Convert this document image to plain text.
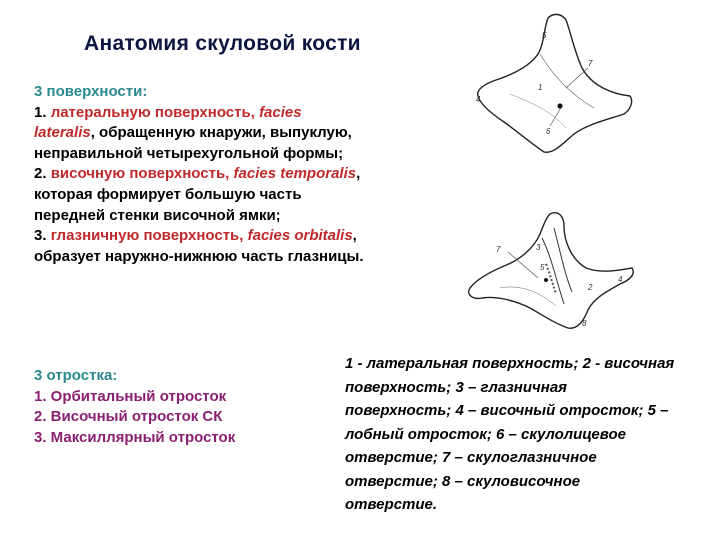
Анатомия скуловой кости
3 поверхности:
1. латеральную поверхность, facies lateralis, обращенную кнаружи, выпуклую, неправильной четырехугольной формы;
2. височную поверхность, facies temporalis, которая формирует большую часть передней стенки височной ямки;
3. глазничную поверхность, facies orbitalis, образует наружно-нижнюю часть глазницы.
3 отростка:
1. Орбитальный отросток
2. Височный отросток СК
3. Максиллярный отросток
1 - латеральная поверхность; 2 - височная поверхность; 3 – глазничная поверхность; 4 – височный отросток; 5 – лобный отросток; 6 – скулолицевое отверстие; 7 – скулоглазничное отверстие; 8 – скуловисочное отверстие.
5
7
1
6
4
7	3
5
2
4
8
